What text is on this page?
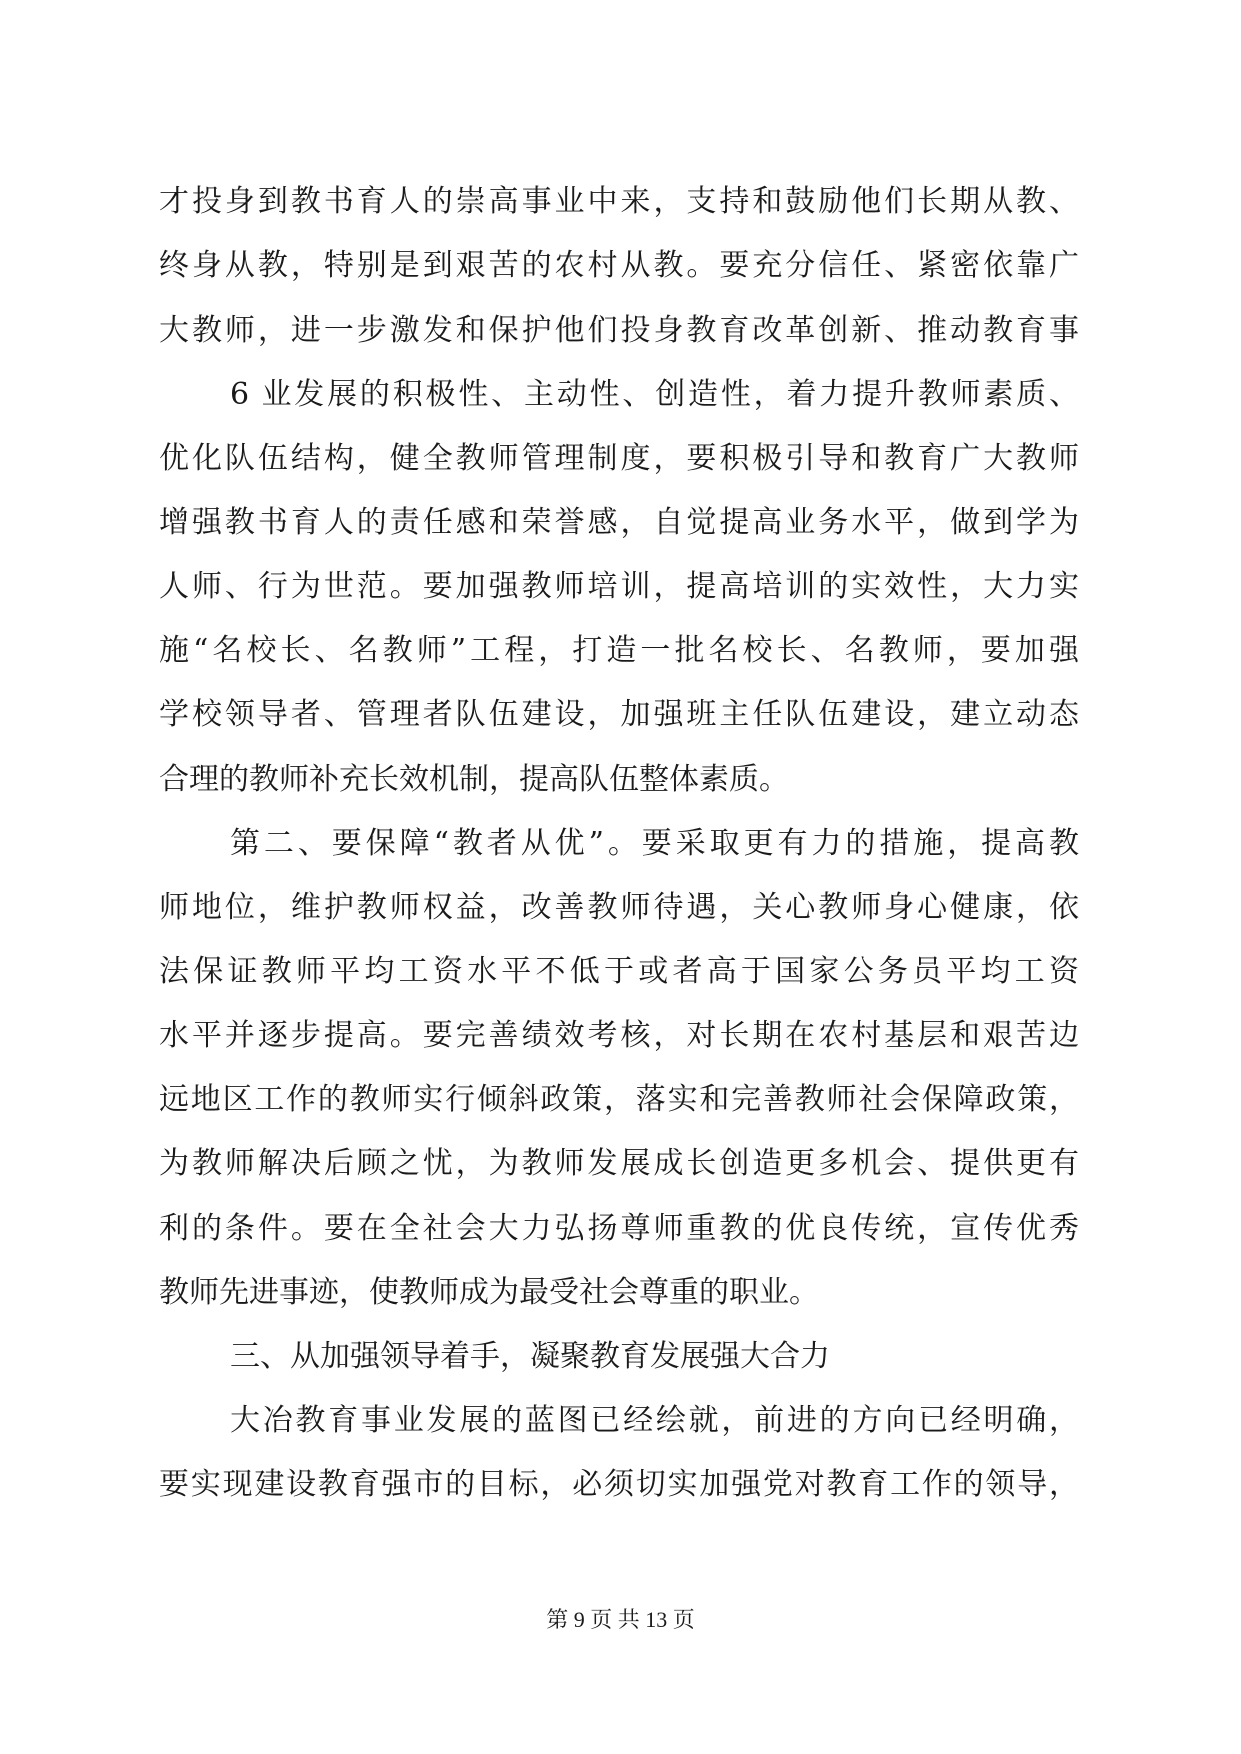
才投身到教书育人的崇高事业中来，支持和鼓励他们长期从教、
终身从教，特别是到艰苦的农村从教。要充分信任、紧密依靠广
大教师，进一步激发和保护他们投身教育改革创新、推动教育事
6 业发展的积极性、主动性、创造性，着力提升教师素质、
优化队伍结构，健全教师管理制度，要积极引导和教育广大教师
增强教书育人的责任感和荣誉感，自觉提高业务水平，做到学为
人师、行为世范。要加强教师培训，提高培训的实效性，大力实
施“名校长、名教师”工程，打造一批名校长、名教师，要加强
学校领导者、管理者队伍建设，加强班主任队伍建设，建立动态
合理的教师补充长效机制，提高队伍整体素质。
第二、要保障“教者从优”。要采取更有力的措施，提高教
师地位，维护教师权益，改善教师待遇，关心教师身心健康，依
法保证教师平均工资水平不低于或者高于国家公务员平均工资
水平并逐步提高。要完善绩效考核，对长期在农村基层和艰苦边
远地区工作的教师实行倾斜政策，落实和完善教师社会保障政策，
为教师解决后顾之忧，为教师发展成长创造更多机会、提供更有
利的条件。要在全社会大力弘扬尊师重教的优良传统，宣传优秀
教师先进事迹，使教师成为最受社会尊重的职业。
三、从加强领导着手，凝聚教育发展强大合力
大冶教育事业发展的蓝图已经绘就，前进的方向已经明确，
要实现建设教育强市的目标，必须切实加强党对教育工作的领导，
第 9 页 共 13 页
